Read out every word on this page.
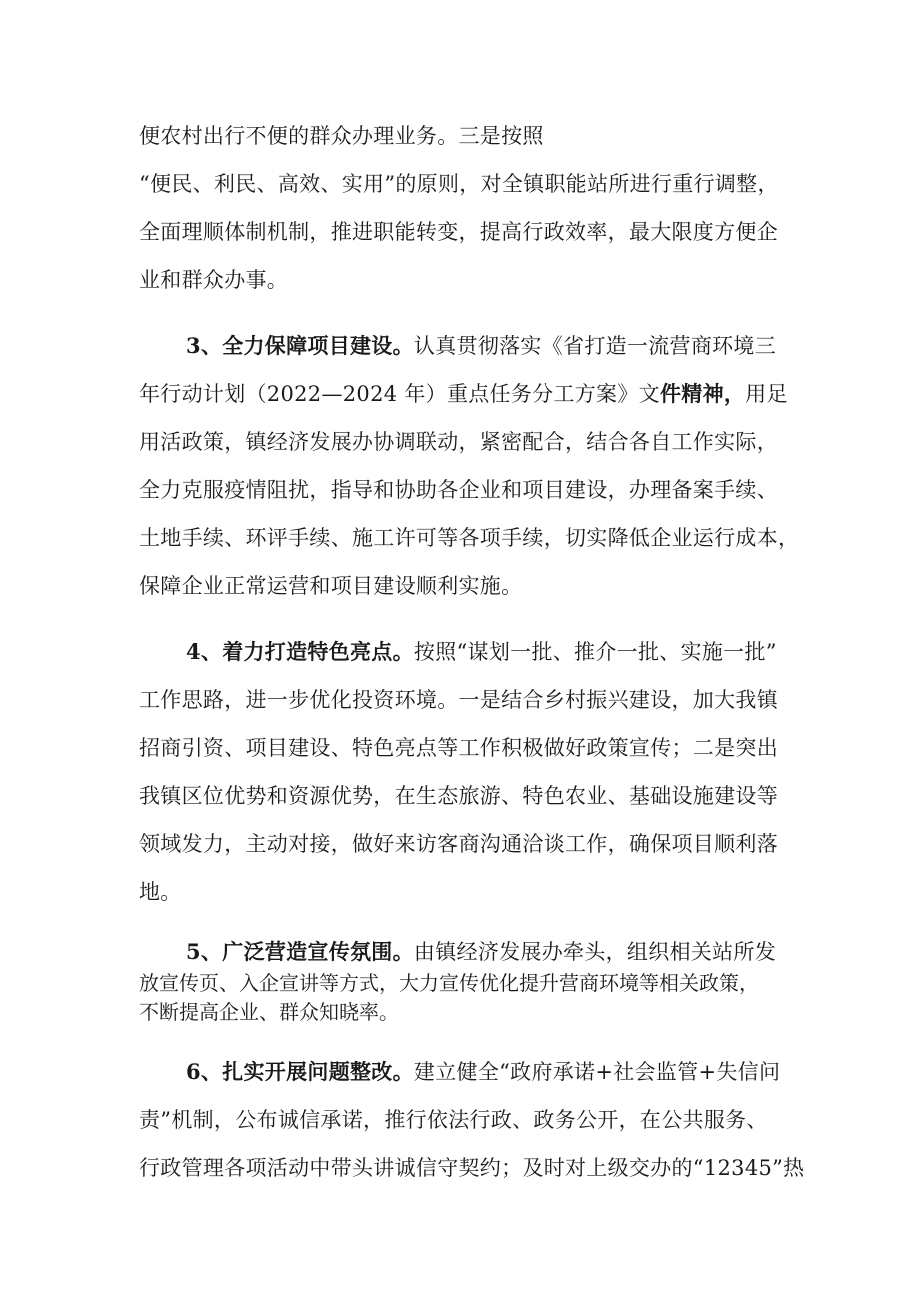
便农村出行不便的群众办理业务。三是按照
“便民、利民、高效、实用”的原则，对全镇职能站所进行重行调整，
全面理顺体制机制，推进职能转变，提高行政效率，最大限度方便企
业和群众办事。
3、全力保障项目建设。认真贯彻落实《省打造一流营商环境三
年行动计划（2022—2024 年）重点任务分工方案》文件精神，用足
用活政策，镇经济发展办协调联动，紧密配合，结合各自工作实际，
全力克服疫情阻扰，指导和协助各企业和项目建设，办理备案手续、
土地手续、环评手续、施工许可等各项手续，切实降低企业运行成本，
保障企业正常运营和项目建设顺利实施。
4、着力打造特色亮点。按照“谋划一批、推介一批、实施一批”
工作思路，进一步优化投资环境。一是结合乡村振兴建设，加大我镇
招商引资、项目建设、特色亮点等工作积极做好政策宣传；二是突出
我镇区位优势和资源优势，在生态旅游、特色农业、基础设施建设等
领域发力，主动对接，做好来访客商沟通洽谈工作，确保项目顺利落
地。
5、广泛营造宣传氛围。由镇经济发展办牵头，组织相关站所发
放宣传页、入企宣讲等方式，大力宣传优化提升营商环境等相关政策，
不断提高企业、群众知晓率。
6、扎实开展问题整改。建立健全“政府承诺+社会监管+失信问
责”机制，公布诚信承诺，推行依法行政、政务公开，在公共服务、
行政管理各项活动中带头讲诚信守契约；及时对上级交办的“12345”热
